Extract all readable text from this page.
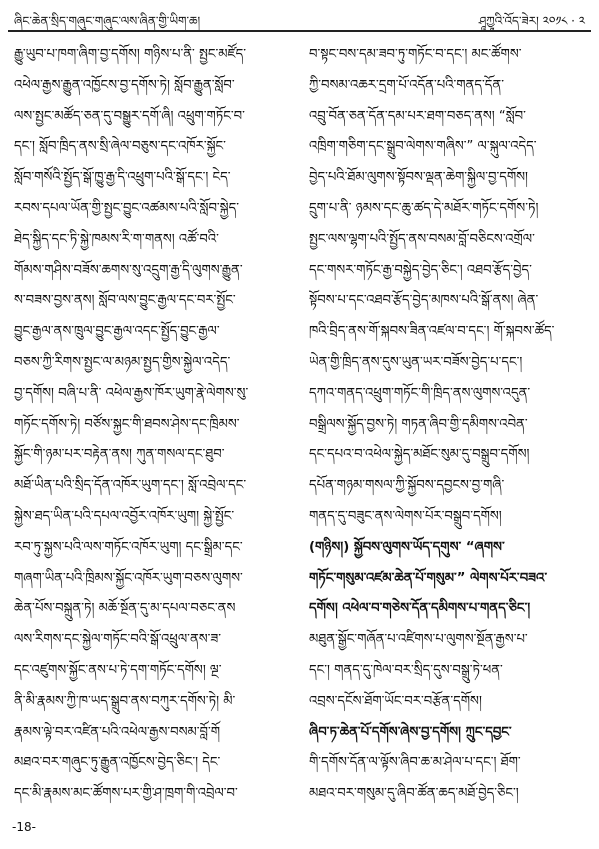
ཞིང་ཆེན་སྲིད་གཞུང་གཞུང་ལས་ཞིན་གྱི་ཡིག་ཆ།	ཤཱཀྱཱའི་འོད་ཟེར། ༢༠༡༨ · ༢
རྒྱུ་ཡུབ་པ་ཁག་ཞིག་བྱ་དགོས། གཉིས་པ་ནི་ སྤྱང་མཛོད་
འཕེལ་རྒྱས་རྒྱུན་འཁྱོངས་བྱ་དགོས་ཏེ། སློབ་རྒྱུན་སློབ་
ལས་སྤྱང་མཚོད་ཅན་དུ་བསྒྱུར་དགོ་ཞི། འཕྲུག་གཏོང་བ་
དང་། སློབ་ཁྲིད་ནས་སྲི་ཞེལ་བཅུས་དང་འཁོར་སྐྱོང་
སློབ་གསོའི་སྤྱོད་སྒོ་ཁྱུ་རྒྱ་དི་འཕྲུག་པའི་སྒོ་དང་། ངེད་
རབས་དཔལ་ཡོན་གྱི་སྤྱང་བྱུང་འཚམས་པའི་སློབ་སྐྱེད་
ཐེད་སྐྱིད་དང་ཏི་སྐྱེ་ཁམས་རི་ག་གནས། འཚོ་བའི་
གོམས་གཤིས་བཟོས་ཆགས་སུ་འདྲུག་རྒྱ་དི་ལུགས་རྒྱུན་
ས་བཟས་བྱས་ནས། སློབ་ལས་བྱུང་རྒྱལ་དང་བར་སྤྱོང་
བྱུང་རྒྱལ་ནས་ཁྲུལ་བྱུང་རྒྱལ་འདང་སྤྱོད་བྱུང་རྒྱལ་
བཅས་ཀྱི་རིགས་སྤྱང་ལ་མཉམ་སྤྱད་གྱིས་སྐྱེལ་འདེད་
བྱ་དགོས། བཞི་པ་ནི་ འཕེལ་རྒྱས་ཁོར་ཡུག་རྣེ་ལེགས་སུ་
གཏོང་དགོས་ཏེ། བཙོས་སྐྱང་གི་ཐབས་ཤེས་དང་ཁྲིམས་
སྐྱོང་གི་ཉམ་པར་བརྟེན་ནས། ཀུན་གསལ་དང་ཐུབ་
མཐོ་ཡིན་པའི་སྲིད་དོན་འཁོར་ཡུག་དང་། སློ་འབྲེལ་དང་
སྐྱེས་ཐད་ཡིན་པའི་དཔལ་འབྱོར་འཁོར་ཡུག། སྐྱེ་སྤྱོང་
རབ་ཏུ་སྐྱས་པའི་ལས་གཏོང་འཁོར་ཡུག། དང་སྒྲིམ་དང་
གཞག་ཡིན་པའི་ཁྲིམས་སྐྱོང་འཁོར་ཡུག་བཅས་ལུགས་
ཆེན་པོས་བསྐྲུན་ཏེ། མཆོ་སྔོན་དུ་མ་དཔལ་བཅང་ནས
ལས་རིགས་དང་སྐྱེལ་གཏོང་བའི་སྒོ་འཕྲུལ་ནས་ཟ་
དང་འཛུགས་སྐྱོང་ནས་པ་ཏེ་དག་གཏོང་དགོས། ལྔ་
ནི་མི་རྣམས་ཀྱི་ཁ་ཡད་སྒྲུབ་ནས་བཀུར་དགོས་ཏེ། མི་
རྣམས་ལྟེ་བར་འཛིན་པའི་འཕེལ་རྒྱས་བསམ་བློ་གོ
མཐའ་བར་གཞུང་ཏུ་རྒྱུན་འཁྱོངས་བྱེད་ཅིང་། དེང་
དང་མི་རྣམས་མང་ཚོགས་པར་གྱི་ཤ་ཁྲག་གི་འབྲེལ་བ་
བ་སྟང་བས་དམ་ཟབ་ཏུ་གཏོང་བ་དང་། མང་ཚོགས་
ཀྱི་བསམ་འཆར་དྲག་པོ་འདོན་པའི་གནད་དོན་
འབྲུ་བོན་ཅན་དོན་དམ་པར་ཐག་བཅད་ནས། “སློབ་
འཁྲིག་གཅིག་དང་སྒྲུབ་ལེགས་གཞིས་” ལ་སྐུལ་འདེད་
བྱེད་པའི་ཐོམ་ལུགས་སྟོབས་ལྡན་ཆེག་སྐྱིལ་བྱ་དགོས།
དྲུག་པ་ནི་ ཉམས་དང་ཆུ་ཚད་དེ་མཐོར་གཏོང་དགོས་ཏེ།
སྤྱང་ལས་ལྷག་པའི་སྤྱོད་ནས་བསམ་བློ་བཅིངས་འགྲོལ་
དང་གསར་གཏོང་རྒྱ་བསྐྱེད་བྱེད་ཅིང་། འཐབ་རྩོད་བྱེད་
སྟོབས་པ་དང་འཐབ་རྩོད་བྱེད་མཁས་པའི་སྒོ་ནས། ཞེན་
ཁའི་བྲིད་ནས་གོ་སྐབས་ཟིན་འཛལ་བ་དང་། གོ་སྐབས་ཚོད་
ཡེན་གྱི་ཁྲིད་ནས་དུས་ཡུན་ཡར་བཟོས་བྱེད་པ་དང་།
དཀའ་གནད་འཕྲུག་གཏོང་གི་ཁྲིད་ནས་ལུགས་འདུན་
བསྒྲིལས་སྐྱོད་བྱས་ཏེ། གཏན་ཞིབ་གྱི་དམིགས་འབེན་
དང་དཔའ་བ་འཕེལ་སྐྱེད་མཐོང་སུམ་དུ་བསྒྲུབ་དགོས།
དཔོན་གཉམ་གསལ་ཀྱི་སྐྱོབས་དབྱངས་བྱ་གཞི་
གནད་དུ་བཟུང་ནས་ལེགས་པོར་བསྒྲུབ་དགོས།
(གཉིས།) སྐྱོབས་ལུགས་ཡོད་དགུས་ “ཞགས་
གཏོང་གསུམ་འཛམ་ཆེན་པོ་གསུམ་” ལེགས་པོར་བཟའ་
དགོས། འཕེལ་བ་གཅེས་དོན་དམིགས་པ་གནད་ཅིང་།
མཐུན་སྒྱོང་གཞོན་པ་འཛིགས་པ་ལུགས་སྔོན་རྒྱས་པ་
དང་། གནད་དུ་ཁེལ་བར་སྲིད་དུས་བསྒྲུ་ཏེ་ཕན་
འབྲས་དངོས་ཐོག་ཡོང་བར་བརྩོན་དགོས།
ཞིབ་ཏ་ཆེན་པོ་དགོས་ཞེས་བྱ་དགོས། ཀྲུང་དབྱང་
གི་དགོས་དོན་ལ་ལྟོས་ཞིབ་ཆ་མ་ཤེལ་པ་དང་། ཐོག་
མཐའ་བར་གསུམ་དུ་ཞིབ་ཚོན་ཆད་མཐོ་བྱེད་ཅིང་།
-18-
